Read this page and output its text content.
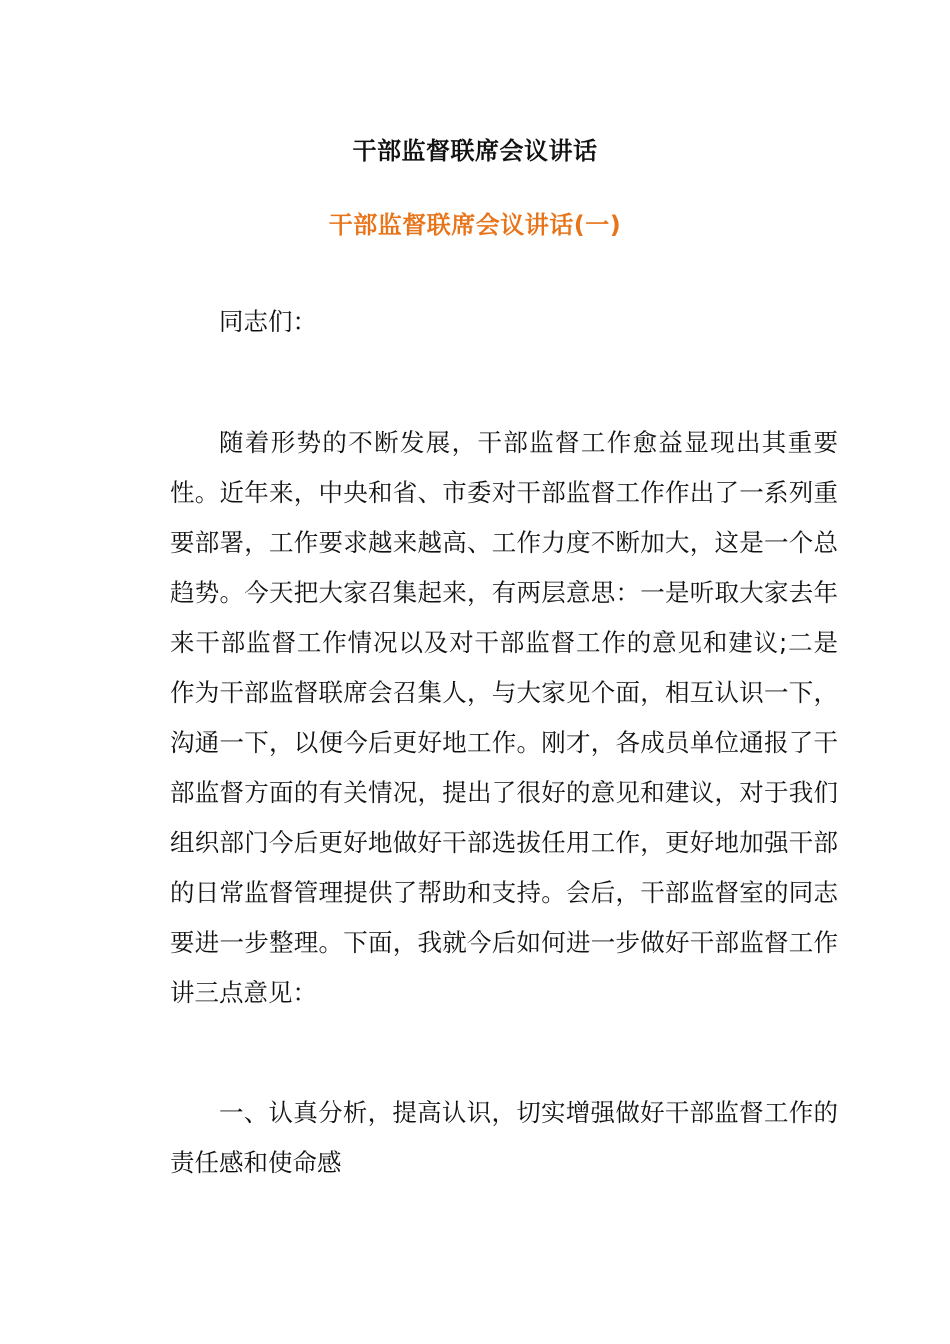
干部监督联席会议讲话
干部监督联席会议讲话(一)

同志们：

随着形势的不断发展，干部监督工作愈益显现出其重要性。近年来，中央和省、市委对干部监督工作作出了一系列重要部署，工作要求越来越高、工作力度不断加大，这是一个总趋势。今天把大家召集起来，有两层意思：一是听取大家去年来干部监督工作情况以及对干部监督工作的意见和建议;二是作为干部监督联席会召集人，与大家见个面，相互认识一下，沟通一下，以便今后更好地工作。刚才，各成员单位通报了干部监督方面的有关情况，提出了很好的意见和建议，对于我们组织部门今后更好地做好干部选拔任用工作，更好地加强干部的日常监督管理提供了帮助和支持。会后，干部监督室的同志要进一步整理。下面，我就今后如何进一步做好干部监督工作讲三点意见：

一、认真分析，提高认识，切实增强做好干部监督工作的责任感和使命感
